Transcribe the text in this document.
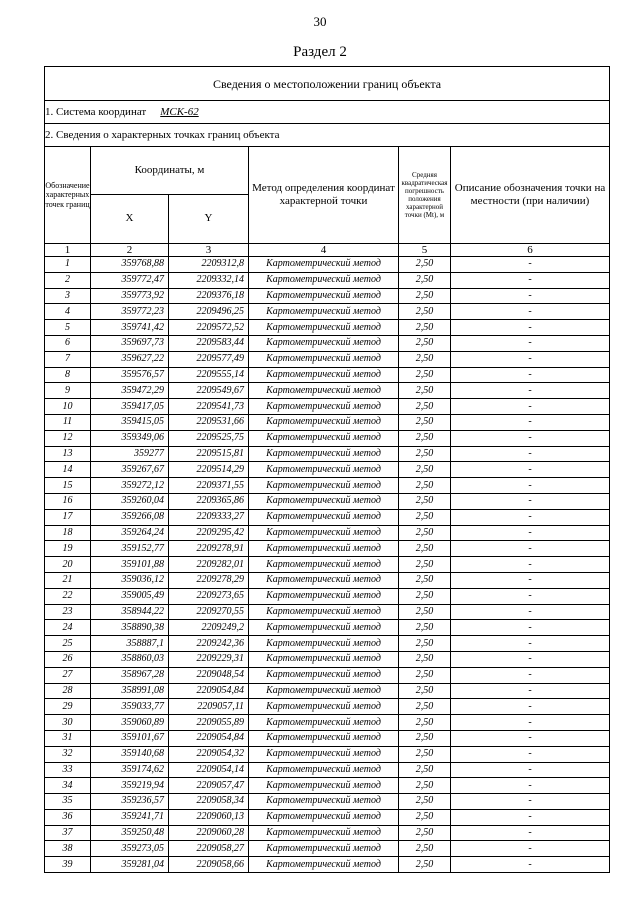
30
Раздел 2
Сведения о местоположении границ объекта					
1. Система координат МСК-62					
2. Сведения о характерных точках границ объекта					
Обозначение характерных точек границ	Координаты, м		Метод определения координат характерной точки	Средняя квадратическая погрешность положения характерной точки (Mt), м	Описание обозначения точки на местности (при наличии)
	X	Y			
1	2	3	4	5	6
1	359768,88	2209312,8	Картометрический метод	2,50	-
2	359772,47	2209332,14	Картометрический метод	2,50	-
3	359773,92	2209376,18	Картометрический метод	2,50	-
4	359772,23	2209496,25	Картометрический метод	2,50	-
5	359741,42	2209572,52	Картометрический метод	2,50	-
6	359697,73	2209583,44	Картометрический метод	2,50	-
7	359627,22	2209577,49	Картометрический метод	2,50	-
8	359576,57	2209555,14	Картометрический метод	2,50	-
9	359472,29	2209549,67	Картометрический метод	2,50	-
10	359417,05	2209541,73	Картометрический метод	2,50	-
11	359415,05	2209531,66	Картометрический метод	2,50	-
12	359349,06	2209525,75	Картометрический метод	2,50	-
13	359277	2209515,81	Картометрический метод	2,50	-
14	359267,67	2209514,29	Картометрический метод	2,50	-
15	359272,12	2209371,55	Картометрический метод	2,50	-
16	359260,04	2209365,86	Картометрический метод	2,50	-
17	359266,08	2209333,27	Картометрический метод	2,50	-
18	359264,24	2209295,42	Картометрический метод	2,50	-
19	359152,77	2209278,91	Картометрический метод	2,50	-
20	359101,88	2209282,01	Картометрический метод	2,50	-
21	359036,12	2209278,29	Картометрический метод	2,50	-
22	359005,49	2209273,65	Картометрический метод	2,50	-
23	358944,22	2209270,55	Картометрический метод	2,50	-
24	358890,38	2209249,2	Картометрический метод	2,50	-
25	358887,1	2209242,36	Картометрический метод	2,50	-
26	358860,03	2209229,31	Картометрический метод	2,50	-
27	358967,28	2209048,54	Картометрический метод	2,50	-
28	358991,08	2209054,84	Картометрический метод	2,50	-
29	359033,77	2209057,11	Картометрический метод	2,50	-
30	359060,89	2209055,89	Картометрический метод	2,50	-
31	359101,67	2209054,84	Картометрический метод	2,50	-
32	359140,68	2209054,32	Картометрический метод	2,50	-
33	359174,62	2209054,14	Картометрический метод	2,50	-
34	359219,94	2209057,47	Картометрический метод	2,50	-
35	359236,57	2209058,34	Картометрический метод	2,50	-
36	359241,71	2209060,13	Картометрический метод	2,50	-
37	359250,48	2209060,28	Картометрический метод	2,50	-
38	359273,05	2209058,27	Картометрический метод	2,50	-
39	359281,04	2209058,66	Картометрический метод	2,50	-
